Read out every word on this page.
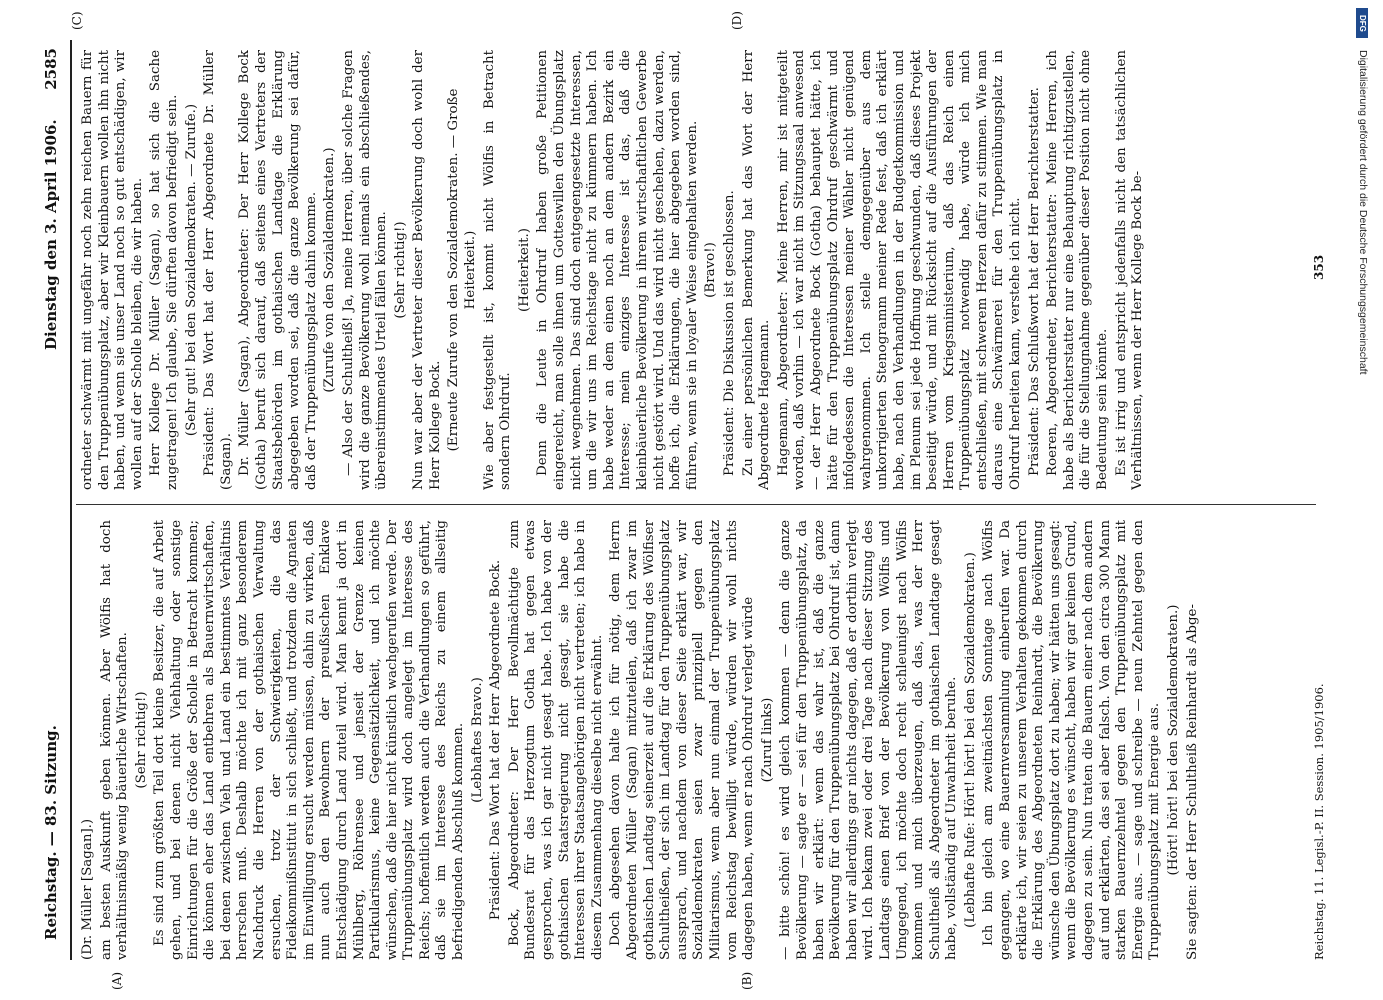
Reichstag. — 83. Sitzung.
Dienstag den 3. April 1906.
2585
(A)	(B)
(C)	(D)

(Dr. Müller [Sagan].) am besten Auskunft geben können. Aber Wölfis hat doch verhältnismäßig wenig bäuerliche Wirtschaften. (Sehr richtig!) Es sind zum größten Teil dort kleine Besitzer, die auf Arbeit gehen, und bei denen nicht Viehhaltung oder sonstige Einrichtungen für die Größe der Scholle in Betracht kommen; die können eher das Land entbehren als Bauernwirtschaften, bei denen zwischen Vieh und Land ein bestimmtes Verhältnis herrschen muß. Deshalb möchte ich mit ganz besonderem Nachdruck die Herren von der gothaischen Verwaltung ersuchen, trotz der Schwierigkeiten, die das Fideikommißinstitut in sich schließt, und trotzdem die Agnaten im Einwilligung ersucht werden müssen, dahin zu wirken, daß nun auch den Bewohnern der preußischen Enklave Entschädigung durch Land zuteil wird. Man kennt ja dort in Mühlberg, Röhrensee und jenseit der Grenze keinen Partikularismus, keine Gegensätzlichkeit, und ich möchte wünschen, daß die hier nicht künstlich wachgerufen werde. Der Truppenübungsplatz wird doch angelegt im Interesse des Reichs; hoffentlich werden auch die Verhandlungen so geführt, daß sie im Interesse des Reichs zu einem allseitig befriedigenden Abschluß kommen. (Lebhaftes Bravo.) Präsident: Das Wort hat der Herr Abgeordnete Bock. Bock, Abgeordneter: Der Herr Bevollmächtigte zum Bundesrat für das Herzogtum Gotha hat gegen etwas gesprochen, was ich gar nicht gesagt habe. Ich habe von der gothaischen Staatsregierung nicht gesagt, sie habe die Interessen ihrer Staatsangehörigen nicht vertreten; ich habe in diesem Zusammenhang dieselbe nicht erwähnt. Doch abgesehen davon halte ich für nötig, dem Herrn Abgeordneten Müller (Sagan) mitzuteilen, daß ich zwar im gothaischen Landtag seinerzeit auf die Erklärung des Wölfiser Schultheißen, der sich im Landtag für den Truppenübungsplatz aussprach, und nachdem von dieser Seite erklärt war, wir Sozialdemokraten seien zwar prinzipiell gegen den Militarismus, wenn aber nun einmal der Truppenübungsplatz vom Reichstag bewilligt würde, würden wir wohl nichts dagegen haben, wenn er nach Ohrdruf verlegt würde (Zuruf links) — bitte schön! es wird gleich kommen — denn die ganze Bevölkerung — sagte er — sei für den Truppenübungsplatz, da haben wir erklärt: wenn das wahr ist, daß die ganze Bevölkerung für den Truppenübungsplatz bei Ohrdruf ist, dann haben wir allerdings gar nichts dagegen, daß er dorthin verlegt wird. Ich bekam zwei oder drei Tage nach dieser Sitzung des Landtags einen Brief von der Bevölkerung von Wölfis und Umgegend, ich möchte doch recht schleunigst nach Wölfis kommen und mich überzeugen, daß das, was der Herr Schultheiß als Abgeordneter im gothaischen Landtage gesagt habe, vollständig auf Unwahrheit beruhe. (Lebhafte Rufe: Hört! hört! bei den Sozialdemokraten.) Ich bin gleich am zweitnächsten Sonntage nach Wölfis gegangen, wo eine Bauernversammlung einberufen war. Da erklärte ich, wir seien zu unserem Verhalten gekommen durch die Erklärung des Abgeordneten Reinhardt, die Bevölkerung wünsche den Übungsplatz dort zu haben; wir hätten uns gesagt: wenn die Bevölkerung es wünscht, haben wir gar keinen Grund, dagegen zu sein. Nun traten die Bauern einer nach dem andern auf und erklärten, das sei aber falsch. Von den circa 300 Mann starken Bauernzehntel gegen den Truppenübungsplatz mit Energie aus. — sage und schreibe — neun Zehntel gegen den Truppenübungsplatz mit Energie aus. (Hört! hört! bei den Sozialdemokraten.) Sie sagten: der Herr Schultheiß Reinhardt als Abge-

ordneter schwärmt mit ungefähr noch zehn reichen Bauern für den Truppenübungsplatz, aber wir Kleinbauern wollen ihn nicht haben, und wenn sie unser Land noch so gut entschädigen, wir wollen auf der Scholle bleiben, die wir haben. Herr Kollege Dr. Müller (Sagan), so hat sich die Sache zugetragen! Ich glaube, Sie dürften davon befriedigt sein. (Sehr gut! bei den Sozialdemokraten. — Zurufe.) Präsident: Das Wort hat der Herr Abgeordnete Dr. Müller (Sagan). Dr. Müller (Sagan), Abgeordneter: Der Herr Kollege Bock (Gotha) beruft sich darauf, daß seitens eines Vertreters der Staatsbehörden im gothaischen Landtage die Erklärung abgegeben worden sei, daß die ganze Bevölkerung sei dafür, daß der Truppenübungsplatz dahin komme. (Zurufe von den Sozialdemokraten.) — Also der Schultheiß! Ja, meine Herren, über solche Fragen wird die ganze Bevölkerung wohl niemals ein abschließendes, übereinstimmendes Urteil fällen können. (Sehr richtig!) Nun war aber der Vertreter dieser Bevölkerung doch wohl der Herr Kollege Bock. (Erneute Zurufe von den Sozialdemokraten. — Große Heiterkeit.) Wie aber festgestellt ist, kommt nicht Wölfis in Betracht sondern Ohrdruf.

(Heiterkeit.) Denn die Leute in Ohrdruf haben große Petitionen eingereicht, man solle ihnen um Gotteswillen den Übungsplatz nicht wegnehmen. Das sind doch entgegengesetzte Interessen, um die wir uns im Reichstage nicht zu kümmern haben. Ich habe weder an dem einen noch an dem andern Bezirk ein Interesse; mein einziges Interesse ist das, daß die kleinbäuerliche Bevölkerung in ihrem wirtschaftlichen Gewerbe nicht gestört wird. Und das wird nicht geschehen, dazu werden, hoffe ich, die Erklärungen, die hier abgegeben worden sind, führen, wenn sie in loyaler Weise eingehalten werden. (Bravo!) Präsident: Die Diskussion ist geschlossen. Zu einer persönlichen Bemerkung hat das Wort der Herr Abgeordnete Hagemann. Hagemann, Abgeordneter: Meine Herren, mir ist mitgeteilt worden, daß vorhin — ich war nicht im Sitzungssaal anwesend — der Herr Abgeordnete Bock (Gotha) behauptet hätte, ich hätte für den Truppenübungsplatz Ohrdruf geschwärmt und infolgedessen die Interessen meiner Wähler nicht genügend wahrgenommen. Ich stelle demgegenüber aus dem unkorrigierten Stenogramm meiner Rede fest, daß ich erklärt habe, nach den Verhandlungen in der Budgetkommission und im Plenum sei jede Hoffnung geschwunden, daß dieses Projekt beseitigt würde, und mit Rücksicht auf die Ausführungen der Herren vom Kriegsministerium, daß das Reich einen Truppenübungsplatz notwendig habe, würde ich mich entschließen, mit schwerem Herzen dafür zu stimmen. Wie man daraus eine Schwärmerei für den Truppenübungsplatz in Ohrdruf herleiten kann, verstehe ich nicht. Präsident: Das Schlußwort hat der Herr Berichterstatter. Roeren, Abgeordneter, Berichterstatter: Meine Herren, ich habe als Berichterstatter nur eine Behauptung richtigzustellen, die für die Stellungnahme gegenüber dieser Position nicht ohne Bedeutung sein könnte. Es ist irrig und entspricht jedenfalls nicht den tatsächlichen Verhältnissen, wenn der Herr Kollege Bock be-

Reichstag. 11. Legisl.-P. II. Session. 1905/1906.
353
DFG
Digitalisierung gefördert durch die Deutsche Forschungsgemeinschaft
